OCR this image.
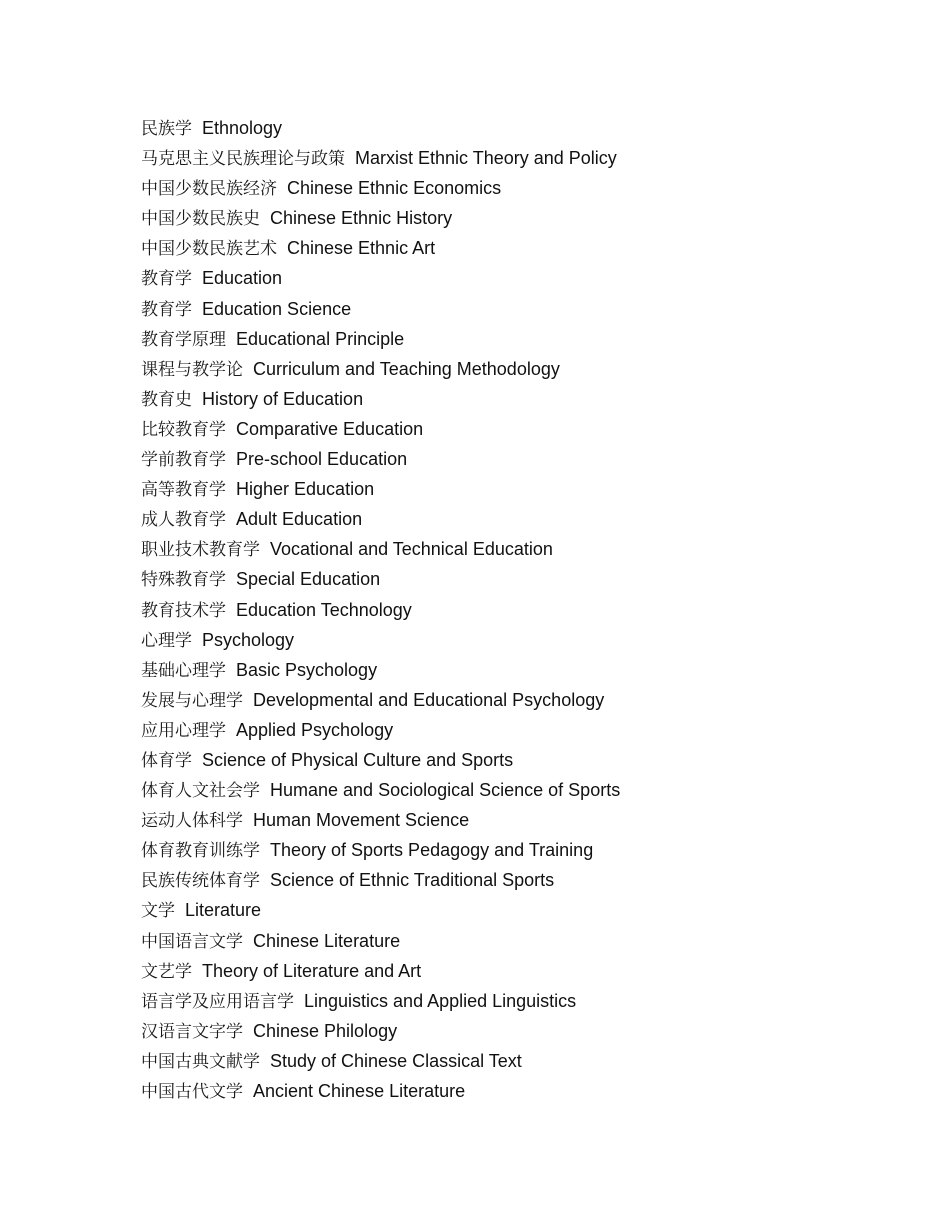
民族学 Ethnology
马克思主义民族理论与政策 Marxist Ethnic Theory and Policy
中国少数民族经济 Chinese Ethnic Economics
中国少数民族史 Chinese Ethnic History
中国少数民族艺术 Chinese Ethnic Art
教育学 Education
教育学 Education Science
教育学原理 Educational Principle
课程与教学论 Curriculum and Teaching Methodology
教育史 History of Education
比较教育学 Comparative Education
学前教育学 Pre-school Education
高等教育学 Higher Education
成人教育学 Adult Education
职业技术教育学 Vocational and Technical Education
特殊教育学 Special Education
教育技术学 Education Technology
心理学 Psychology
基础心理学 Basic Psychology
发展与心理学 Developmental and Educational Psychology
应用心理学 Applied Psychology
体育学 Science of Physical Culture and Sports
体育人文社会学 Humane and Sociological Science of Sports
运动人体科学 Human Movement Science
体育教育训练学 Theory of Sports Pedagogy and Training
民族传统体育学 Science of Ethnic Traditional Sports
文学 Literature
中国语言文学 Chinese Literature
文艺学 Theory of Literature and Art
语言学及应用语言学 Linguistics and Applied Linguistics
汉语言文字学 Chinese Philology
中国古典文献学 Study of Chinese Classical Text
中国古代文学 Ancient Chinese Literature
